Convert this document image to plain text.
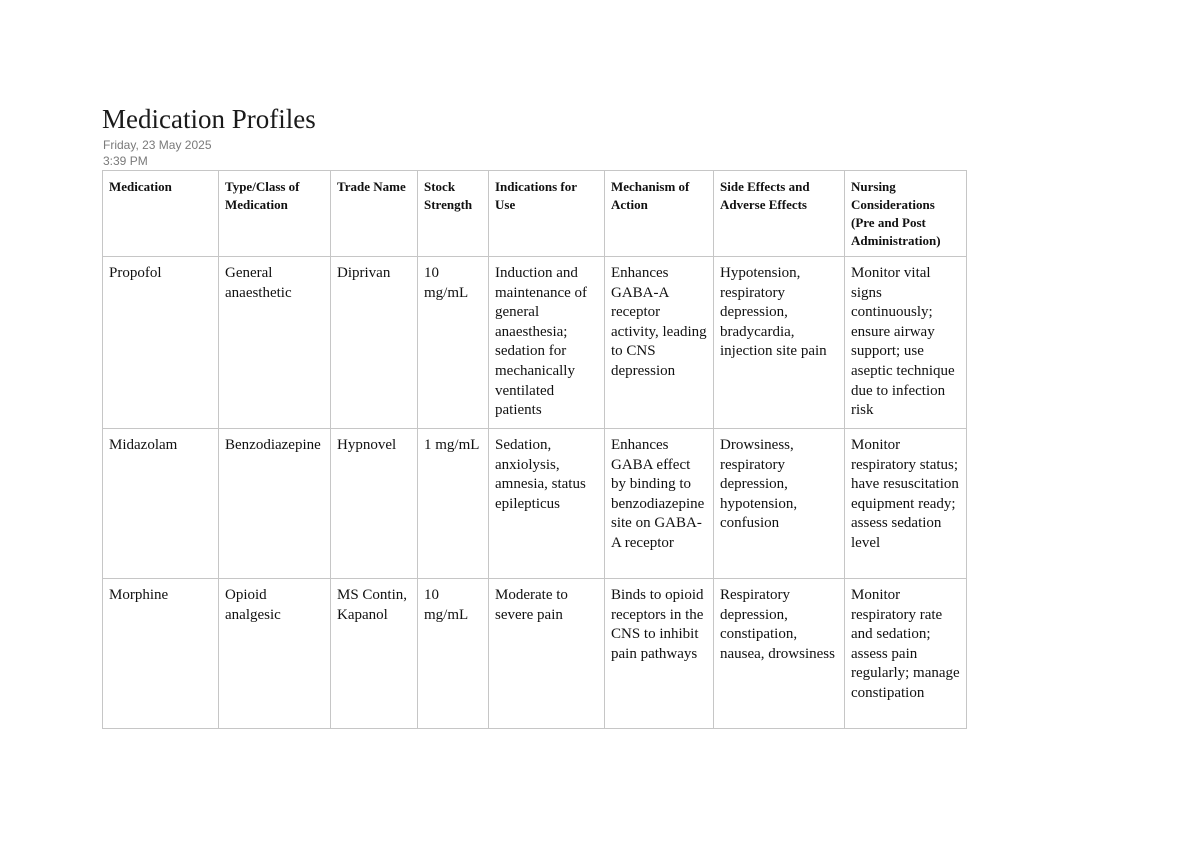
Medication Profiles
Friday, 23 May 2025
3:39 PM
Medication	Type/Class of Medication	Trade Name	Stock Strength	Indications for Use	Mechanism of Action	Side Effects and Adverse Effects	Nursing Considerations (Pre and Post Administration)
Propofol	General anaesthetic	Diprivan	10 mg/mL	Induction and maintenance of general anaesthesia; sedation for mechanically ventilated patients	Enhances GABA-A receptor activity, leading to CNS depression	Hypotension, respiratory depression, bradycardia, injection site pain	Monitor vital signs continuously; ensure airway support; use aseptic technique due to infection risk
Midazolam	Benzodiazepine	Hypnovel	1 mg/mL	Sedation, anxiolysis, amnesia, status epilepticus	Enhances GABA effect by binding to benzodiazepine site on GABA-A receptor	Drowsiness, respiratory depression, hypotension, confusion	Monitor respiratory status; have resuscitation equipment ready; assess sedation level
Morphine	Opioid analgesic	MS Contin, Kapanol	10 mg/mL	Moderate to severe pain	Binds to opioid receptors in the CNS to inhibit pain pathways	Respiratory depression, constipation, nausea, drowsiness	Monitor respiratory rate and sedation; assess pain regularly; manage constipation
